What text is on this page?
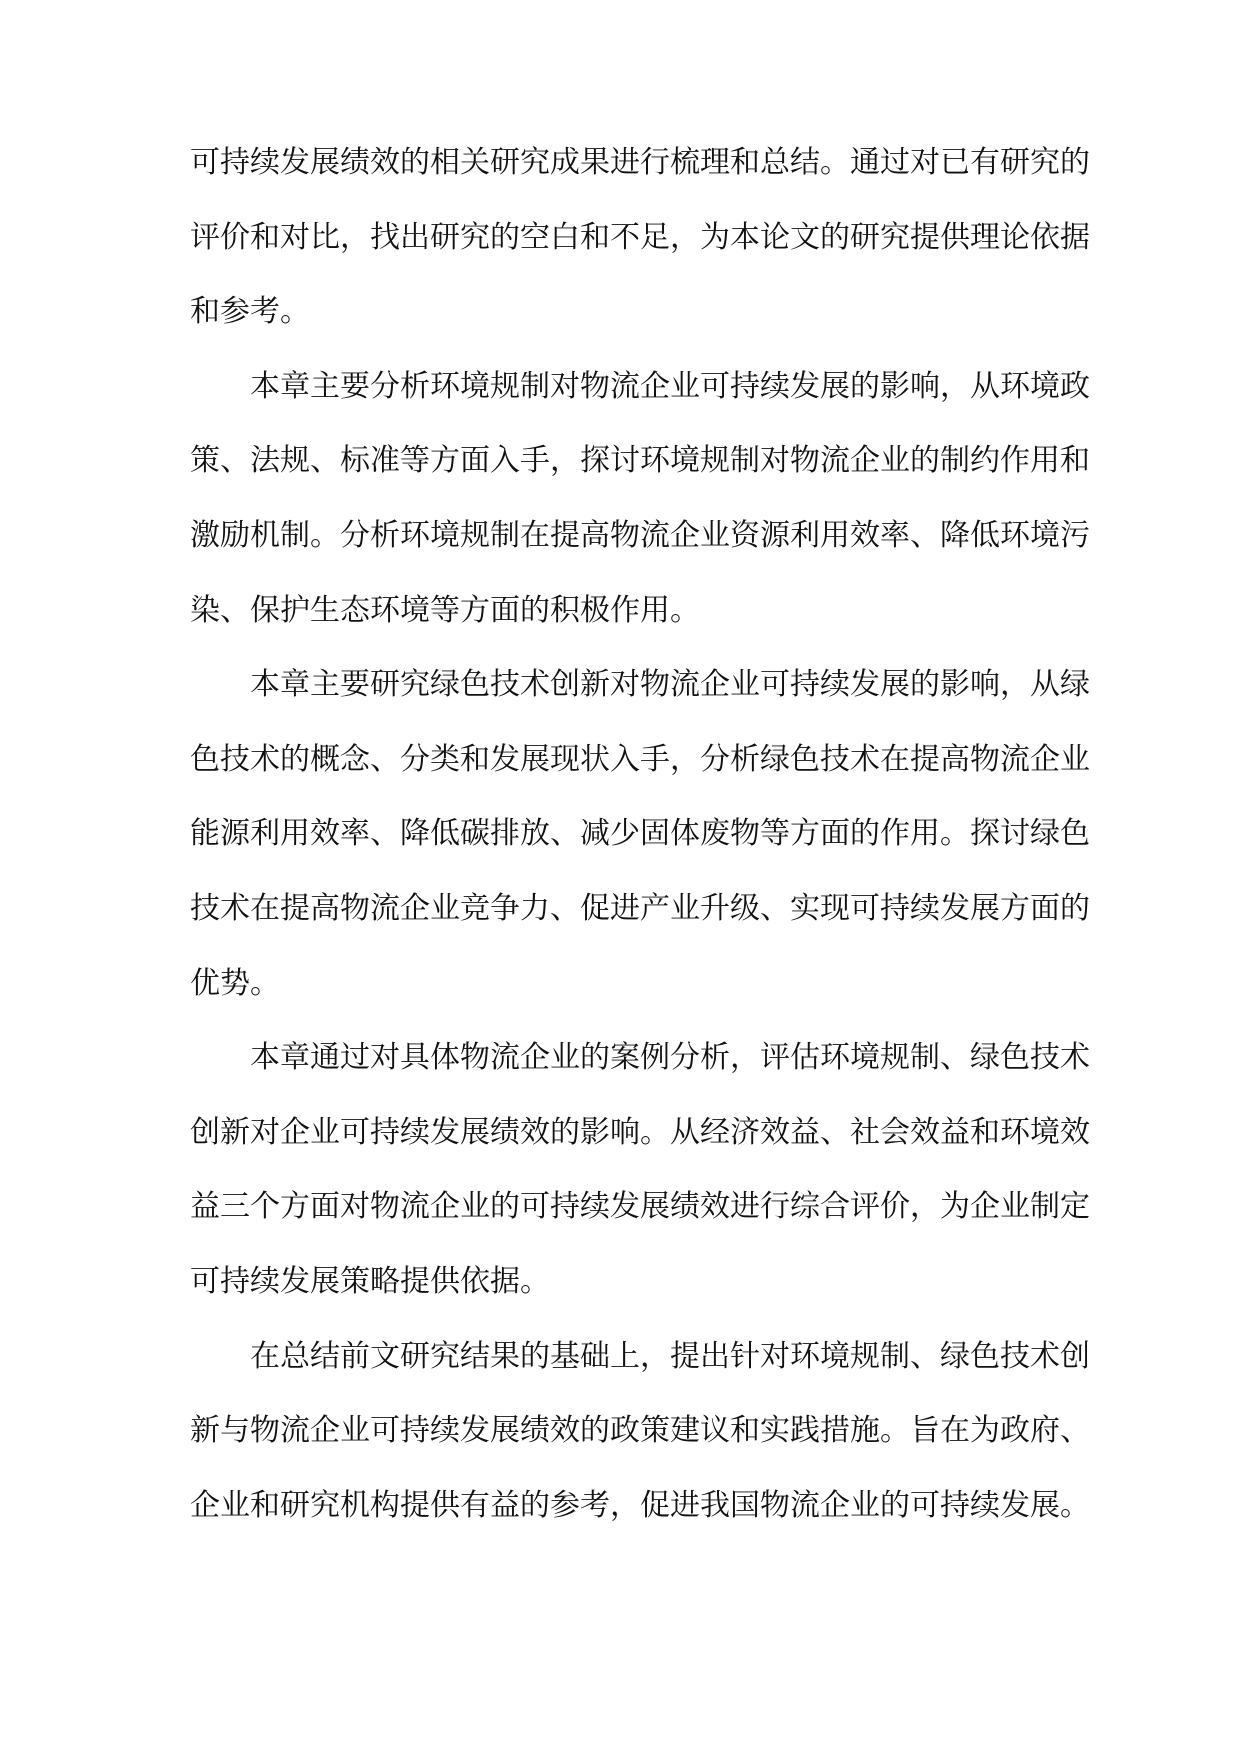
可持续发展绩效的相关研究成果进行梳理和总结。通过对已有研究的
评价和对比，找出研究的空白和不足，为本论文的研究提供理论依据
和参考。
本章主要分析环境规制对物流企业可持续发展的影响，从环境政
策、法规、标准等方面入手，探讨环境规制对物流企业的制约作用和
激励机制。分析环境规制在提高物流企业资源利用效率、降低环境污
染、保护生态环境等方面的积极作用。
本章主要研究绿色技术创新对物流企业可持续发展的影响，从绿
色技术的概念、分类和发展现状入手，分析绿色技术在提高物流企业
能源利用效率、降低碳排放、减少固体废物等方面的作用。探讨绿色
技术在提高物流企业竞争力、促进产业升级、实现可持续发展方面的
优势。
本章通过对具体物流企业的案例分析，评估环境规制、绿色技术
创新对企业可持续发展绩效的影响。从经济效益、社会效益和环境效
益三个方面对物流企业的可持续发展绩效进行综合评价，为企业制定
可持续发展策略提供依据。
在总结前文研究结果的基础上，提出针对环境规制、绿色技术创
新与物流企业可持续发展绩效的政策建议和实践措施。旨在为政府、
企业和研究机构提供有益的参考，促进我国物流企业的可持续发展。
